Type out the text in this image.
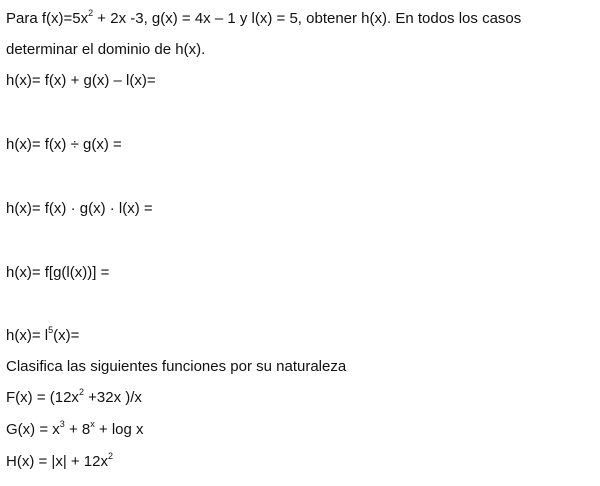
Para $f(x)=5x^2 + 2x$ -3, g(x) = 4x – 1 y l(x) = 5, obtener h(x). En todos los casos
determinar el dominio de h(x).
h(x)= f(x) + g(x) – l(x)=
h(x)= f(x) ÷ g(x) =
h(x)= f(x) · g(x) · l(x) =
h(x)= f[g(l(x))] =
$h(x)= l^5(x)=$
Clasifica las siguientes funciones por su naturaleza
$F(x) = (12x^2 +32x$ )/x
$G(x) = x^3 + 8^x + \log x$
$H(x) = |x| + 12x^2$
